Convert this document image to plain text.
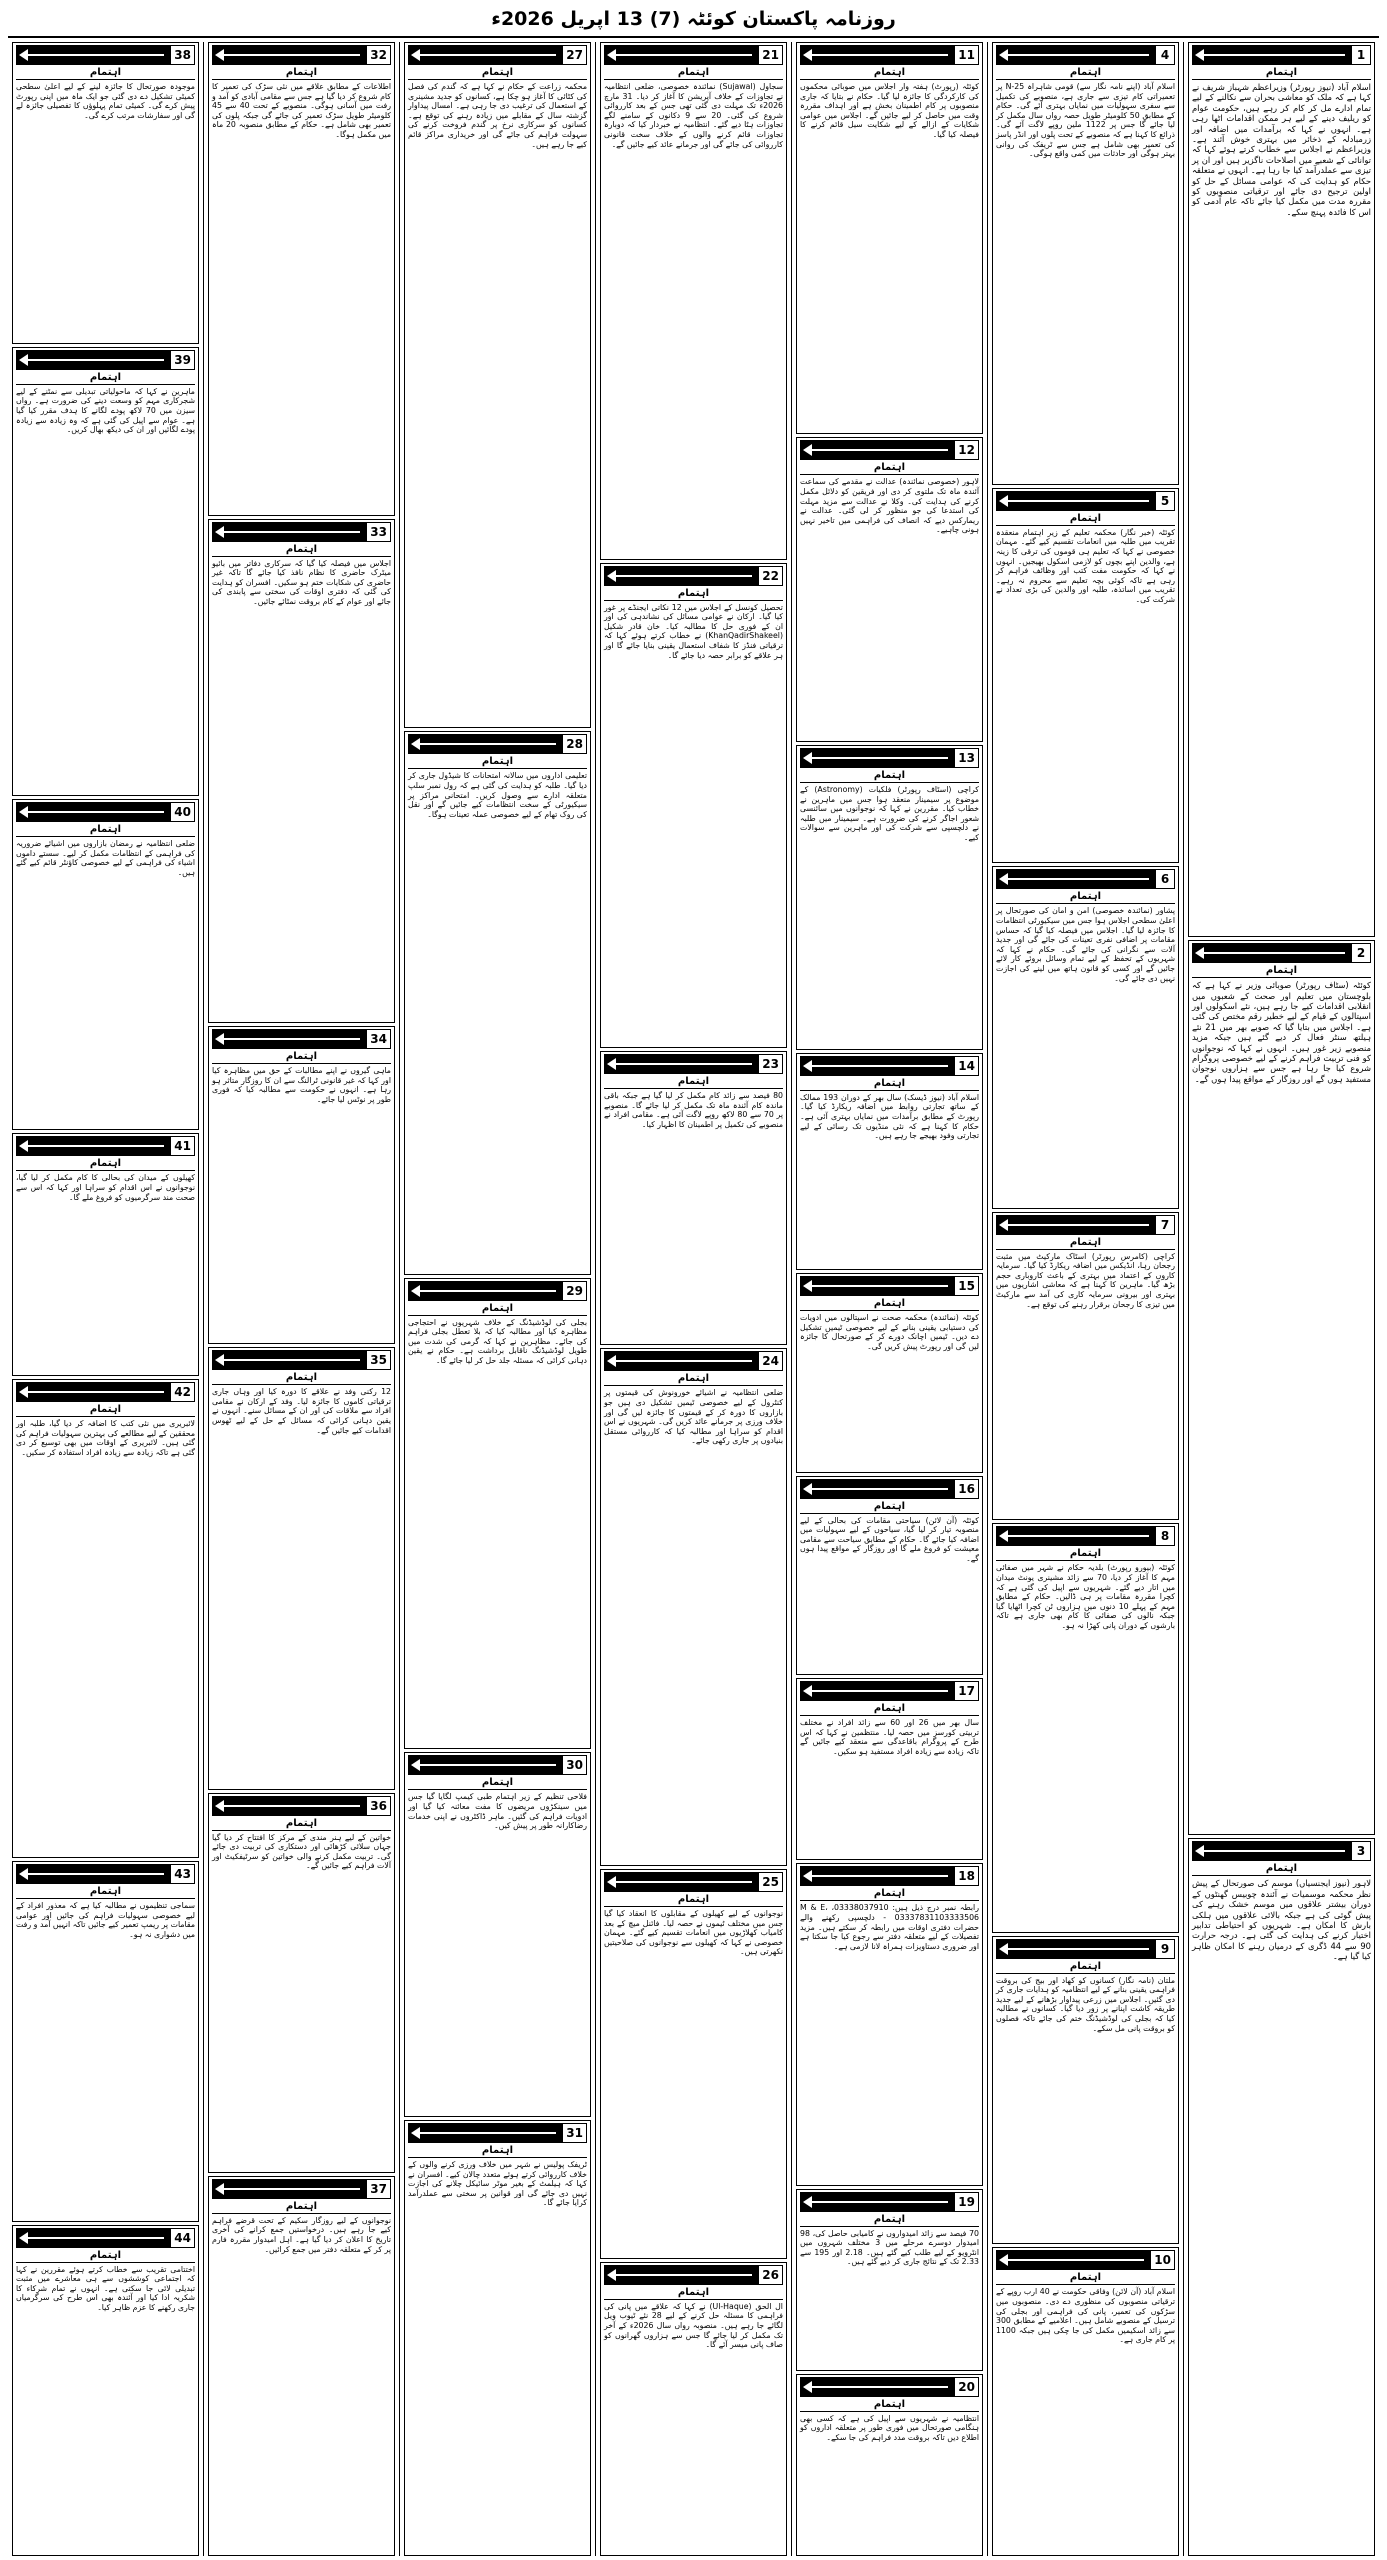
روزنامہ پاکستان کوئٹہ (7) 13 اپریل 2026ء
1
اہتمام
اسلام آباد (نیوز رپورٹر) وزیراعظم شہباز شریف نے کہا ہے کہ ملک کو معاشی بحران سے نکالنے کے لیے تمام ادارے مل کر کام کر رہے ہیں، حکومت عوام کو ریلیف دینے کے لیے ہر ممکن اقدامات اٹھا رہی ہے۔ انہوں نے کہا کہ برآمدات میں اضافہ اور زرمبادلہ کے ذخائر میں بہتری خوش آئند ہے۔ وزیراعظم نے اجلاس سے خطاب کرتے ہوئے کہا کہ توانائی کے شعبے میں اصلاحات ناگزیر ہیں اور ان پر تیزی سے عملدرآمد کیا جا رہا ہے۔ انہوں نے متعلقہ حکام کو ہدایت کی کہ عوامی مسائل کے حل کو اولین ترجیح دی جائے اور ترقیاتی منصوبوں کو مقررہ مدت میں مکمل کیا جائے تاکہ عام آدمی کو اس کا فائدہ پہنچ سکے۔
2
اہتمام
کوئٹہ (سٹاف رپورٹر) صوبائی وزیر نے کہا ہے کہ بلوچستان میں تعلیم اور صحت کے شعبوں میں انقلابی اقدامات کیے جا رہے ہیں، نئے اسکولوں اور اسپتالوں کے قیام کے لیے خطیر رقم مختص کی گئی ہے۔ اجلاس میں بتایا گیا کہ صوبے بھر میں 21 نئے ہیلتھ سنٹر فعال کر دیے گئے ہیں جبکہ مزید منصوبے زیر غور ہیں۔ انہوں نے کہا کہ نوجوانوں کو فنی تربیت فراہم کرنے کے لیے خصوصی پروگرام شروع کیا جا رہا ہے جس سے ہزاروں نوجوان مستفید ہوں گے اور روزگار کے مواقع پیدا ہوں گے۔
3
اہتمام
لاہور (نیوز ایجنسیاں) موسم کی صورتحال کے پیش نظر محکمہ موسمیات نے آئندہ چوبیس گھنٹوں کے دوران بیشتر علاقوں میں موسم خشک رہنے کی پیش گوئی کی ہے جبکہ بالائی علاقوں میں ہلکی بارش کا امکان ہے۔ شہریوں کو احتیاطی تدابیر اختیار کرنے کی ہدایت کی گئی ہے۔ درجہ حرارت 90 سے 44 ڈگری کے درمیان رہنے کا امکان ظاہر کیا گیا ہے۔
4
اہتمام
اسلام آباد (اپنے نامہ نگار سے) قومی شاہراہ N-25 پر تعمیراتی کام تیزی سے جاری ہے، منصوبے کی تکمیل سے سفری سہولیات میں نمایاں بہتری آئے گی۔ حکام کے مطابق 50 کلومیٹر طویل حصہ رواں سال مکمل کر لیا جائے گا جس پر 1122 ملین روپے لاگت آئے گی۔ ذرائع کا کہنا ہے کہ منصوبے کے تحت پلوں اور انڈر پاسز کی تعمیر بھی شامل ہے جس سے ٹریفک کی روانی بہتر ہوگی اور حادثات میں کمی واقع ہوگی۔
5
اہتمام
کوئٹہ (خبر نگار) محکمہ تعلیم کے زیر اہتمام منعقدہ تقریب میں طلبہ میں انعامات تقسیم کیے گئے۔ مہمان خصوصی نے کہا کہ تعلیم ہی قوموں کی ترقی کا زینہ ہے، والدین اپنے بچوں کو لازمی اسکول بھیجیں۔ انہوں نے کہا کہ حکومت مفت کتب اور وظائف فراہم کر رہی ہے تاکہ کوئی بچہ تعلیم سے محروم نہ رہے۔ تقریب میں اساتذہ، طلبہ اور والدین کی بڑی تعداد نے شرکت کی۔
6
اہتمام
پشاور (نمائندہ خصوصی) امن و امان کی صورتحال پر اعلیٰ سطحی اجلاس ہوا جس میں سیکیورٹی انتظامات کا جائزہ لیا گیا۔ اجلاس میں فیصلہ کیا گیا کہ حساس مقامات پر اضافی نفری تعینات کی جائے گی اور جدید آلات سے نگرانی کی جائے گی۔ حکام نے کہا کہ شہریوں کے تحفظ کے لیے تمام وسائل بروئے کار لائے جائیں گے اور کسی کو قانون ہاتھ میں لینے کی اجازت نہیں دی جائے گی۔
7
اہتمام
کراچی (کامرس رپورٹر) اسٹاک مارکیٹ میں مثبت رجحان رہا، انڈیکس میں اضافہ ریکارڈ کیا گیا۔ سرمایہ کاروں کے اعتماد میں بہتری کے باعث کاروباری حجم بڑھ گیا۔ ماہرین کا کہنا ہے کہ معاشی اشاریوں میں بہتری اور بیرونی سرمایہ کاری کی آمد سے مارکیٹ میں تیزی کا رجحان برقرار رہنے کی توقع ہے۔
8
اہتمام
کوئٹہ (بیورو رپورٹ) بلدیہ حکام نے شہر میں صفائی مہم کا آغاز کر دیا، 70 سے زائد مشینری یونٹ میدان میں اتار دیے گئے۔ شہریوں سے اپیل کی گئی ہے کہ کچرا مقررہ مقامات پر ہی ڈالیں۔ حکام کے مطابق مہم کے پہلے 10 دنوں میں ہزاروں ٹن کچرا اٹھایا گیا جبکہ نالوں کی صفائی کا کام بھی جاری ہے تاکہ بارشوں کے دوران پانی کھڑا نہ ہو۔
9
اہتمام
ملتان (نامہ نگار) کسانوں کو کھاد اور بیج کی بروقت فراہمی یقینی بنانے کے لیے انتظامیہ کو ہدایات جاری کر دی گئیں۔ اجلاس میں زرعی پیداوار بڑھانے کے لیے جدید طریقہ کاشت اپنانے پر زور دیا گیا۔ کسانوں نے مطالبہ کیا کہ بجلی کی لوڈشیڈنگ ختم کی جائے تاکہ فصلوں کو بروقت پانی مل سکے۔
10
اہتمام
اسلام آباد (آن لائن) وفاقی حکومت نے 40 ارب روپے کے ترقیاتی منصوبوں کی منظوری دے دی۔ منصوبوں میں سڑکوں کی تعمیر، پانی کی فراہمی اور بجلی کی ترسیل کے منصوبے شامل ہیں۔ اعلامیے کے مطابق 300 سے زائد اسکیمیں مکمل کی جا چکی ہیں جبکہ 1100 پر کام جاری ہے۔
11
اہتمام
کوئٹہ (رپورٹ) ہفتہ وار اجلاس میں صوبائی محکموں کی کارکردگی کا جائزہ لیا گیا۔ حکام نے بتایا کہ جاری منصوبوں پر کام اطمینان بخش ہے اور اہداف مقررہ وقت میں حاصل کر لیے جائیں گے۔ اجلاس میں عوامی شکایات کے ازالے کے لیے شکایت سیل قائم کرنے کا فیصلہ کیا گیا۔
12
اہتمام
لاہور (خصوصی نمائندہ) عدالت نے مقدمے کی سماعت آئندہ ماہ تک ملتوی کر دی اور فریقین کو دلائل مکمل کرنے کی ہدایت کی۔ وکلا نے عدالت سے مزید مہلت کی استدعا کی جو منظور کر لی گئی۔ عدالت نے ریمارکس دیے کہ انصاف کی فراہمی میں تاخیر نہیں ہونی چاہیے۔
13
اہتمام
کراچی (اسٹاف رپورٹر) فلکیات (Astronomy) کے موضوع پر سیمینار منعقد ہوا جس میں ماہرین نے خطاب کیا۔ مقررین نے کہا کہ نوجوانوں میں سائنسی شعور اجاگر کرنے کی ضرورت ہے۔ سیمینار میں طلبہ نے دلچسپی سے شرکت کی اور ماہرین سے سوالات کیے۔
14
اہتمام
اسلام آباد (نیوز ڈیسک) سال بھر کے دوران 193 ممالک کے ساتھ تجارتی روابط میں اضافہ ریکارڈ کیا گیا۔ رپورٹ کے مطابق برآمدات میں نمایاں بہتری آئی ہے۔ حکام کا کہنا ہے کہ نئی منڈیوں تک رسائی کے لیے تجارتی وفود بھیجے جا رہے ہیں۔
15
اہتمام
کوئٹہ (نمائندہ) محکمہ صحت نے اسپتالوں میں ادویات کی دستیابی یقینی بنانے کے لیے خصوصی ٹیمیں تشکیل دے دیں۔ ٹیمیں اچانک دورے کر کے صورتحال کا جائزہ لیں گی اور رپورٹ پیش کریں گی۔
16
اہتمام
کوئٹہ (آن لائن) سیاحتی مقامات کی بحالی کے لیے منصوبہ تیار کر لیا گیا، سیاحوں کے لیے سہولیات میں اضافہ کیا جائے گا۔ حکام کے مطابق سیاحت سے مقامی معیشت کو فروغ ملے گا اور روزگار کے مواقع پیدا ہوں گے۔
17
اہتمام
سال بھر میں 26 اور 60 سے زائد افراد نے مختلف تربیتی کورسز میں حصہ لیا۔ منتظمین نے کہا کہ اس طرح کے پروگرام باقاعدگی سے منعقد کیے جائیں گے تاکہ زیادہ سے زیادہ افراد مستفید ہو سکیں۔
18
اہتمام
رابطہ نمبر درج ذیل ہیں: 03338037910، M & E، 03337831103333506 - دلچسپی رکھنے والے حضرات دفتری اوقات میں رابطہ کر سکتے ہیں۔ مزید تفصیلات کے لیے متعلقہ دفتر سے رجوع کیا جا سکتا ہے اور ضروری دستاویزات ہمراہ لانا لازمی ہے۔
19
اہتمام
70 فیصد سے زائد امیدواروں نے کامیابی حاصل کی، 98 امیدوار دوسرے مرحلے میں 3 مختلف شہروں میں انٹرویو کے لیے طلب کیے گئے ہیں۔ 2.18 اور 195 سے 2.33 تک کے نتائج جاری کر دیے گئے ہیں۔
20
اہتمام
انتظامیہ نے شہریوں سے اپیل کی ہے کہ کسی بھی ہنگامی صورتحال میں فوری طور پر متعلقہ اداروں کو اطلاع دیں تاکہ بروقت مدد فراہم کی جا سکے۔
21
اہتمام
سجاول (Sujawal) نمائندہ خصوصی، ضلعی انتظامیہ نے تجاوزات کے خلاف آپریشن کا آغاز کر دیا۔ 31 مارچ 2026ء تک مہلت دی گئی تھی جس کے بعد کارروائی شروع کی گئی۔ 20 سے 9 دکانوں کے سامنے لگے تجاوزات ہٹا دیے گئے۔ انتظامیہ نے خبردار کیا کہ دوبارہ تجاوزات قائم کرنے والوں کے خلاف سخت قانونی کارروائی کی جائے گی اور جرمانے عائد کیے جائیں گے۔
22
اہتمام
تحصیل کونسل کے اجلاس میں 12 نکاتی ایجنڈے پر غور کیا گیا۔ ارکان نے عوامی مسائل کی نشاندہی کی اور ان کے فوری حل کا مطالبہ کیا۔ خان قادر شکیل (KhanQadirShakeel) نے خطاب کرتے ہوئے کہا کہ ترقیاتی فنڈز کا شفاف استعمال یقینی بنایا جائے گا اور ہر علاقے کو برابر حصہ دیا جائے گا۔
23
اہتمام
80 فیصد سے زائد کام مکمل کر لیا گیا ہے جبکہ باقی ماندہ کام آئندہ ماہ تک مکمل کر لیا جائے گا۔ منصوبے پر 70 سے 80 لاکھ روپے لاگت آئی ہے۔ مقامی افراد نے منصوبے کی تکمیل پر اطمینان کا اظہار کیا۔
24
اہتمام
ضلعی انتظامیہ نے اشیائے خورونوش کی قیمتوں پر کنٹرول کے لیے خصوصی ٹیمیں تشکیل دی ہیں جو بازاروں کا دورہ کر کے قیمتوں کا جائزہ لیں گی اور خلاف ورزی پر جرمانے عائد کریں گی۔ شہریوں نے اس اقدام کو سراہا اور مطالبہ کیا کہ کارروائی مستقل بنیادوں پر جاری رکھی جائے۔
25
اہتمام
نوجوانوں کے لیے کھیلوں کے مقابلوں کا انعقاد کیا گیا جس میں مختلف ٹیموں نے حصہ لیا۔ فائنل میچ کے بعد کامیاب کھلاڑیوں میں انعامات تقسیم کیے گئے۔ مہمان خصوصی نے کہا کہ کھیلوں سے نوجوانوں کی صلاحیتیں نکھرتی ہیں۔
26
اہتمام
ال الحق (Ul-Haque) نے کہا کہ علاقے میں پانی کی فراہمی کا مسئلہ حل کرنے کے لیے 28 نئے ٹیوب ویل لگائے جا رہے ہیں۔ منصوبہ رواں سال 2026ء کے آخر تک مکمل کر لیا جائے گا جس سے ہزاروں گھرانوں کو صاف پانی میسر آئے گا۔
27
اہتمام
محکمہ زراعت کے حکام نے کہا ہے کہ گندم کی فصل کی کٹائی کا آغاز ہو چکا ہے، کسانوں کو جدید مشینری کے استعمال کی ترغیب دی جا رہی ہے۔ امسال پیداوار گزشتہ سال کے مقابلے میں زیادہ رہنے کی توقع ہے۔ کسانوں کو سرکاری نرخ پر گندم فروخت کرنے کی سہولت فراہم کی جائے گی اور خریداری مراکز قائم کیے جا رہے ہیں۔
28
اہتمام
تعلیمی اداروں میں سالانہ امتحانات کا شیڈول جاری کر دیا گیا۔ طلبہ کو ہدایت کی گئی ہے کہ رول نمبر سلپ متعلقہ ادارے سے وصول کریں۔ امتحانی مراکز پر سیکیورٹی کے سخت انتظامات کیے جائیں گے اور نقل کی روک تھام کے لیے خصوصی عملہ تعینات ہوگا۔
29
اہتمام
بجلی کی لوڈشیڈنگ کے خلاف شہریوں نے احتجاجی مظاہرہ کیا اور مطالبہ کیا کہ بلا تعطل بجلی فراہم کی جائے۔ مظاہرین نے کہا کہ گرمی کی شدت میں طویل لوڈشیڈنگ ناقابل برداشت ہے۔ حکام نے یقین دہانی کرائی کہ مسئلہ جلد حل کر لیا جائے گا۔
30
اہتمام
فلاحی تنظیم کے زیر اہتمام طبی کیمپ لگایا گیا جس میں سینکڑوں مریضوں کا مفت معائنہ کیا گیا اور ادویات فراہم کی گئیں۔ ماہر ڈاکٹروں نے اپنی خدمات رضاکارانہ طور پر پیش کیں۔
31
اہتمام
ٹریفک پولیس نے شہر میں خلاف ورزی کرنے والوں کے خلاف کارروائی کرتے ہوئے متعدد چالان کیے۔ افسران نے کہا کہ ہیلمٹ کے بغیر موٹر سائیکل چلانے کی اجازت نہیں دی جائے گی اور قوانین پر سختی سے عملدرآمد کرایا جائے گا۔
32
اہتمام
اطلاعات کے مطابق علاقے میں نئی سڑک کی تعمیر کا کام شروع کر دیا گیا ہے جس سے مقامی آبادی کو آمد و رفت میں آسانی ہوگی۔ منصوبے کے تحت 40 سے 45 کلومیٹر طویل سڑک تعمیر کی جائے گی جبکہ پلوں کی تعمیر بھی شامل ہے۔ حکام کے مطابق منصوبہ 20 ماہ میں مکمل ہوگا۔
33
اہتمام
اجلاس میں فیصلہ کیا گیا کہ سرکاری دفاتر میں بائیو میٹرک حاضری کا نظام نافذ کیا جائے گا تاکہ غیر حاضری کی شکایات ختم ہو سکیں۔ افسران کو ہدایت کی گئی کہ دفتری اوقات کی سختی سے پابندی کی جائے اور عوام کے کام بروقت نمٹائے جائیں۔
34
اہتمام
ماہی گیروں نے اپنے مطالبات کے حق میں مظاہرہ کیا اور کہا کہ غیر قانونی ٹرالنگ سے ان کا روزگار متاثر ہو رہا ہے۔ انہوں نے حکومت سے مطالبہ کیا کہ فوری طور پر نوٹس لیا جائے۔
35
اہتمام
12 رکنی وفد نے علاقے کا دورہ کیا اور وہاں جاری ترقیاتی کاموں کا جائزہ لیا۔ وفد کے ارکان نے مقامی افراد سے ملاقات کی اور ان کے مسائل سنے۔ انہوں نے یقین دہانی کرائی کہ مسائل کے حل کے لیے ٹھوس اقدامات کیے جائیں گے۔
36
اہتمام
خواتین کے لیے ہنر مندی کے مرکز کا افتتاح کر دیا گیا جہاں سلائی کڑھائی اور دستکاری کی تربیت دی جائے گی۔ تربیت مکمل کرنے والی خواتین کو سرٹیفکیٹ اور آلات فراہم کیے جائیں گے۔
37
اہتمام
نوجوانوں کے لیے روزگار سکیم کے تحت قرضے فراہم کیے جا رہے ہیں۔ درخواستیں جمع کرانے کی آخری تاریخ کا اعلان کر دیا گیا ہے۔ اہل امیدوار مقررہ فارم پر کر کے متعلقہ دفتر میں جمع کرائیں۔
38
اہتمام
موجودہ صورتحال کا جائزہ لینے کے لیے اعلیٰ سطحی کمیٹی تشکیل دے دی گئی جو ایک ماہ میں اپنی رپورٹ پیش کرے گی۔ کمیٹی تمام پہلوؤں کا تفصیلی جائزہ لے گی اور سفارشات مرتب کرے گی۔
39
اہتمام
ماہرین نے کہا کہ ماحولیاتی تبدیلی سے نمٹنے کے لیے شجرکاری مہم کو وسعت دینے کی ضرورت ہے۔ رواں سیزن میں 70 لاکھ پودے لگانے کا ہدف مقرر کیا گیا ہے۔ عوام سے اپیل کی گئی ہے کہ وہ زیادہ سے زیادہ پودے لگائیں اور ان کی دیکھ بھال کریں۔
40
اہتمام
ضلعی انتظامیہ نے رمضان بازاروں میں اشیائے ضروریہ کی فراہمی کے انتظامات مکمل کر لیے۔ سستے داموں اشیاء کی فراہمی کے لیے خصوصی کاؤنٹر قائم کیے گئے ہیں۔
41
اہتمام
کھیلوں کے میدان کی بحالی کا کام مکمل کر لیا گیا، نوجوانوں نے اس اقدام کو سراہا اور کہا کہ اس سے صحت مند سرگرمیوں کو فروغ ملے گا۔
42
اہتمام
لائبریری میں نئی کتب کا اضافہ کر دیا گیا، طلبہ اور محققین کے لیے مطالعے کی بہترین سہولیات فراہم کی گئی ہیں۔ لائبریری کے اوقات میں بھی توسیع کر دی گئی ہے تاکہ زیادہ سے زیادہ افراد استفادہ کر سکیں۔
43
اہتمام
سماجی تنظیموں نے مطالبہ کیا ہے کہ معذور افراد کے لیے خصوصی سہولیات فراہم کی جائیں اور عوامی مقامات پر ریمپ تعمیر کیے جائیں تاکہ انہیں آمد و رفت میں دشواری نہ ہو۔
44
اہتمام
اختتامی تقریب سے خطاب کرتے ہوئے مقررین نے کہا کہ اجتماعی کوششوں سے ہی معاشرے میں مثبت تبدیلی لائی جا سکتی ہے۔ انہوں نے تمام شرکاء کا شکریہ ادا کیا اور آئندہ بھی اس طرح کی سرگرمیاں جاری رکھنے کا عزم ظاہر کیا۔
